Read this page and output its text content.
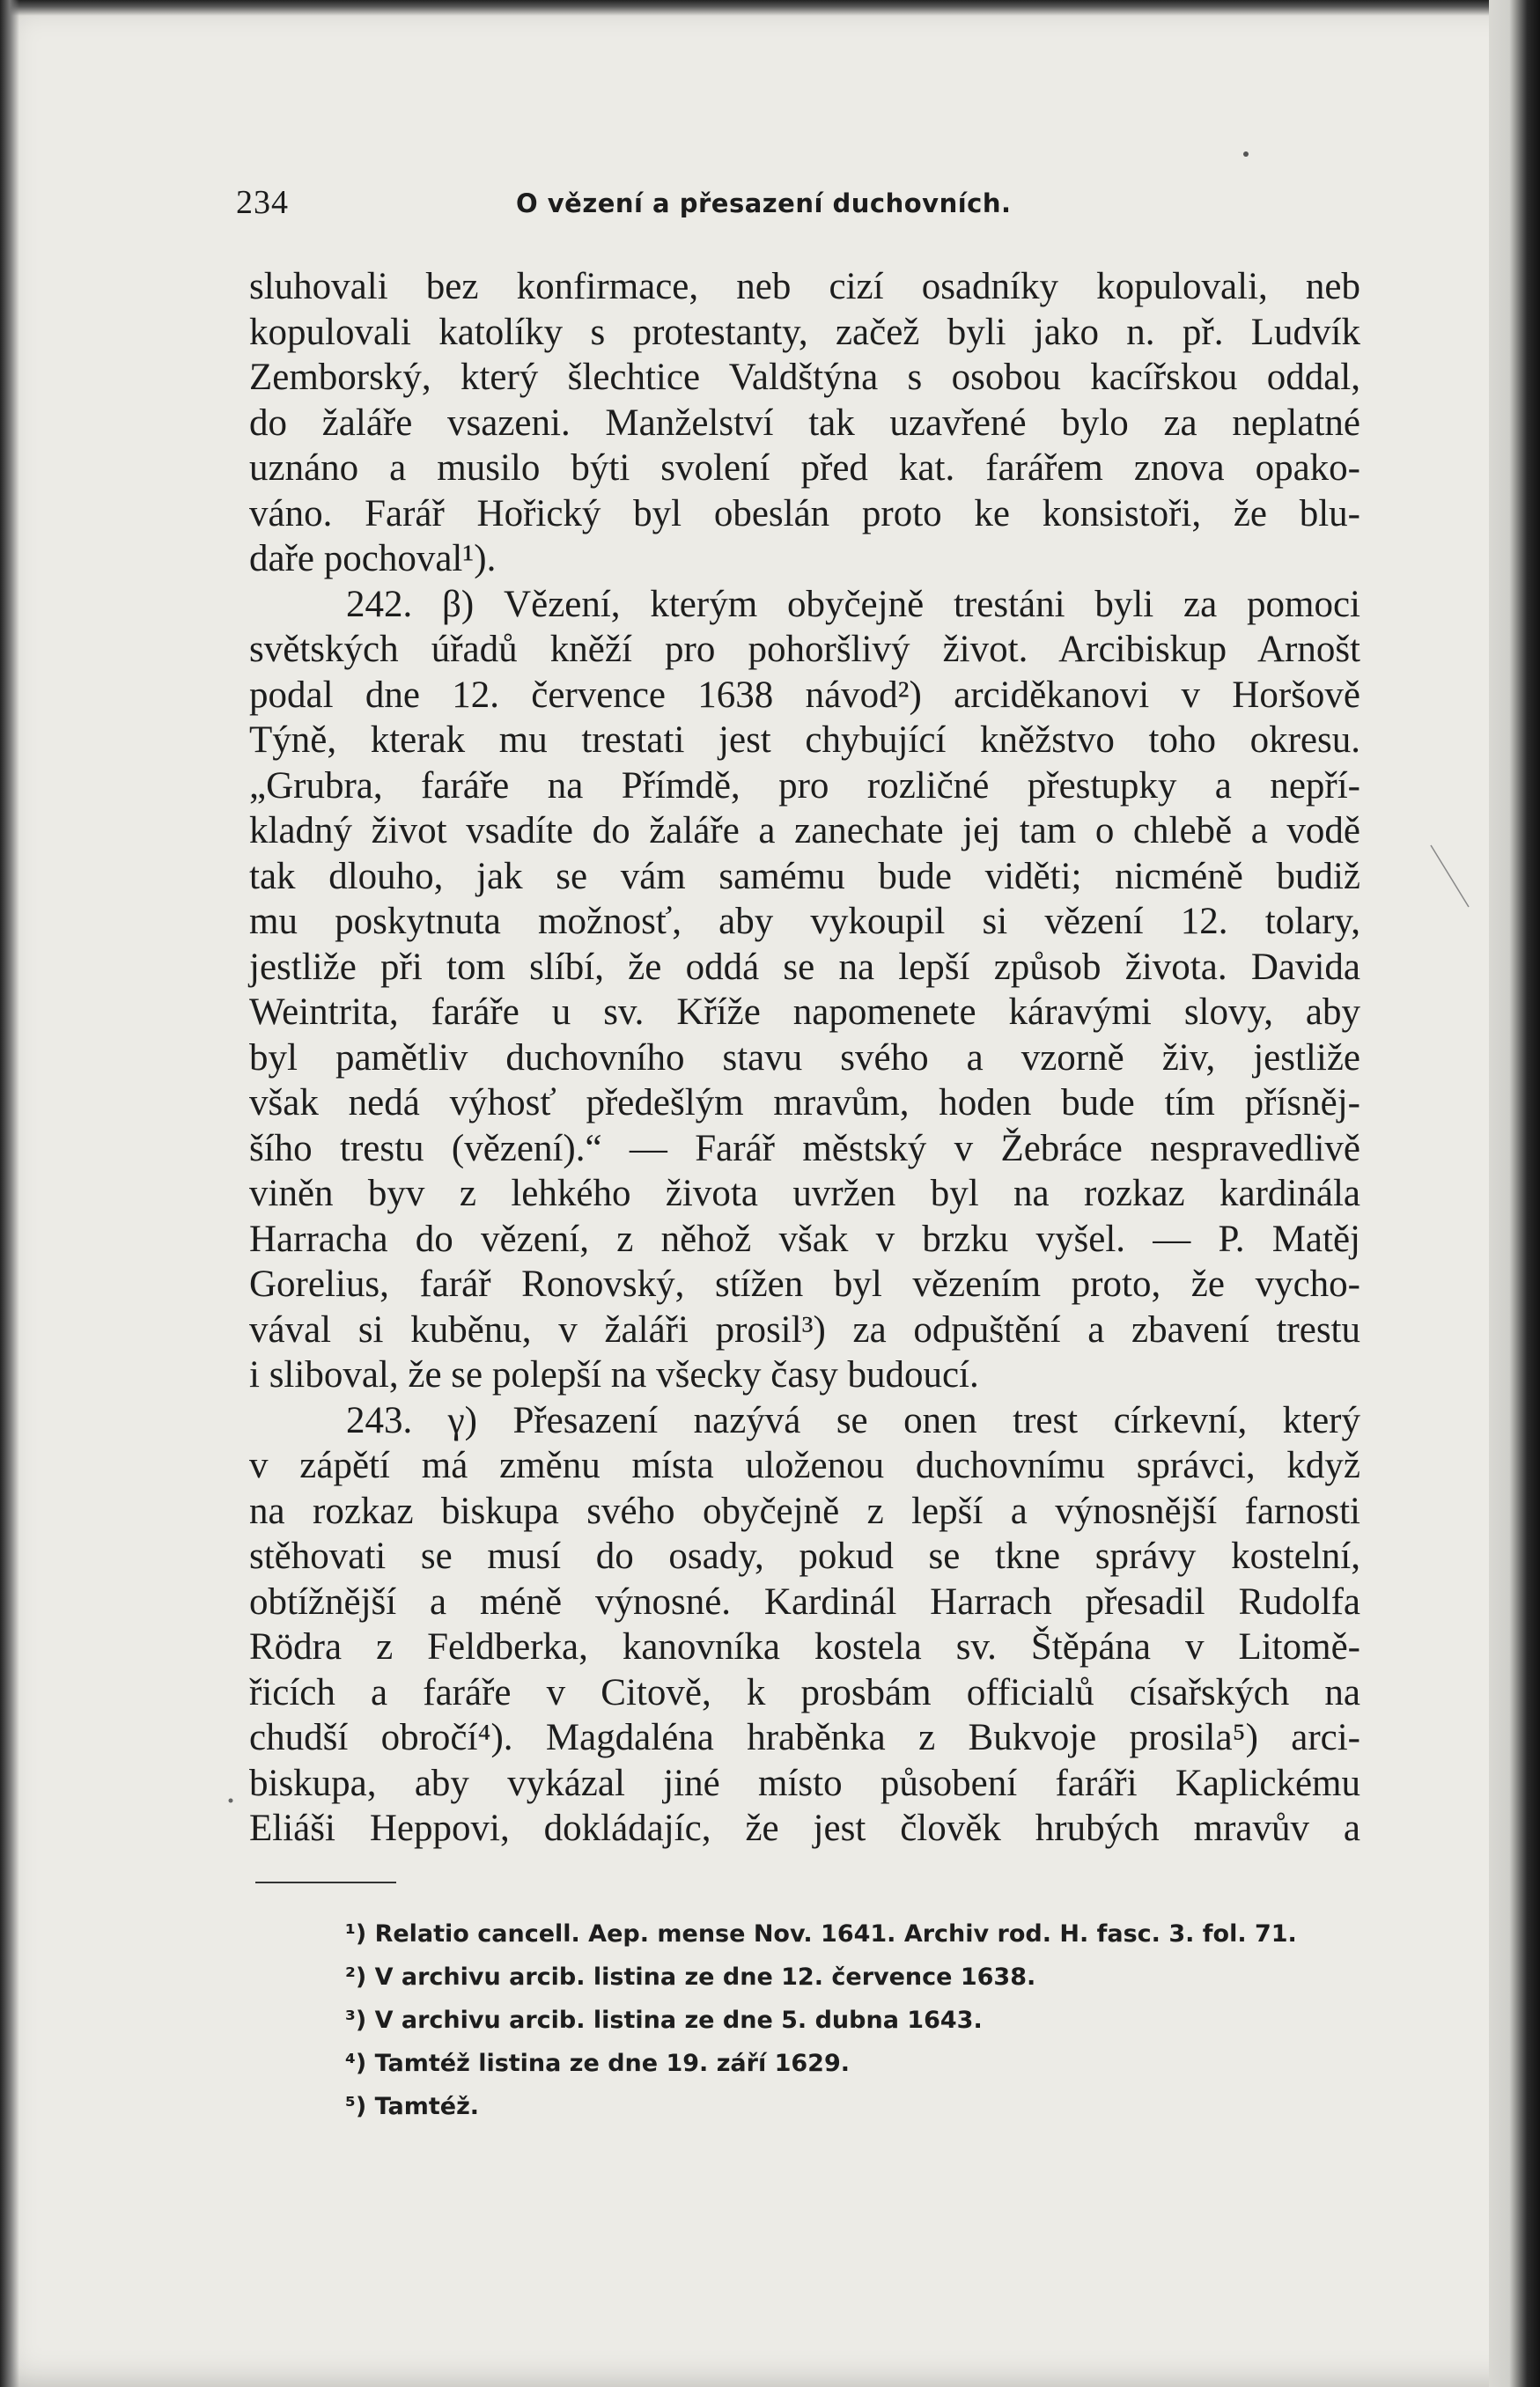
234	O vězení a přesazení duchovních.
sluhovali bez konfirmace, neb cizí osadníky kopulovali, neb
kopulovali katolíky s protestanty, začež byli jako n. př. Ludvík
Zemborský, který šlechtice Valdštýna s osobou kacířskou oddal,
do žaláře vsazeni. Manželství tak uzavřené bylo za neplatné
uznáno a musilo býti svolení před kat. farářem znova opako-
váno. Farář Hořický byl obeslán proto ke konsistoři, že blu-
daře pochoval¹).
242. β) Vězení, kterým obyčejně trestáni byli za pomoci
světských úřadů kněží pro pohoršlivý život. Arcibiskup Arnošt
podal dne 12. července 1638 návod²) arciděkanovi v Horšově
Týně, kterak mu trestati jest chybující kněžstvo toho okresu.
„Grubra, faráře na Přímdě, pro rozličné přestupky a nepří-
kladný život vsadíte do žaláře a zanechate jej tam o chlebě a vodě
tak dlouho, jak se vám samému bude viděti; nicméně budiž
mu poskytnuta možnosť, aby vykoupil si vězení 12. tolary,
jestliže při tom slíbí, že oddá se na lepší způsob života. Davida
Weintrita, faráře u sv. Kříže napomenete káravými slovy, aby
byl pamětliv duchovního stavu svého a vzorně živ, jestliže
však nedá výhosť předešlým mravům, hoden bude tím přísněj-
šího trestu (vězení).“ — Farář městský v Žebráce nespravedlivě
viněn byv z lehkého života uvržen byl na rozkaz kardinála
Harracha do vězení, z něhož však v brzku vyšel. — P. Matěj
Gorelius, farář Ronovský, stížen byl vězením proto, že vycho-
vával si kuběnu, v žaláři prosil³) za odpuštění a zbavení trestu
i sliboval, že se polepší na všecky časy budoucí.
243. γ) Přesazení nazývá se onen trest církevní, který
v zápětí má změnu místa uloženou duchovnímu správci, když
na rozkaz biskupa svého obyčejně z lepší a výnosnější farnosti
stěhovati se musí do osady, pokud se tkne správy kostelní,
obtížnější a méně výnosné. Kardinál Harrach přesadil Rudolfa
Rödra z Feldberka, kanovníka kostela sv. Štěpána v Litomě-
řicích a faráře v Citově, k prosbám officialů císařských na
chudší obročí⁴). Magdaléna hraběnka z Bukvoje prosila⁵) arci-
biskupa, aby vykázal jiné místo působení faráři Kaplickému
Eliáši Heppovi, dokládajíc, že jest člověk hrubých mravův a
¹) Relatio cancell. Aep. mense Nov. 1641. Archiv rod. H. fasc. 3. fol. 71.
²) V archivu arcib. listina ze dne 12. července 1638.
³) V archivu arcib. listina ze dne 5. dubna 1643.
⁴) Tamtéž listina ze dne 19. září 1629.
⁵) Tamtéž.
